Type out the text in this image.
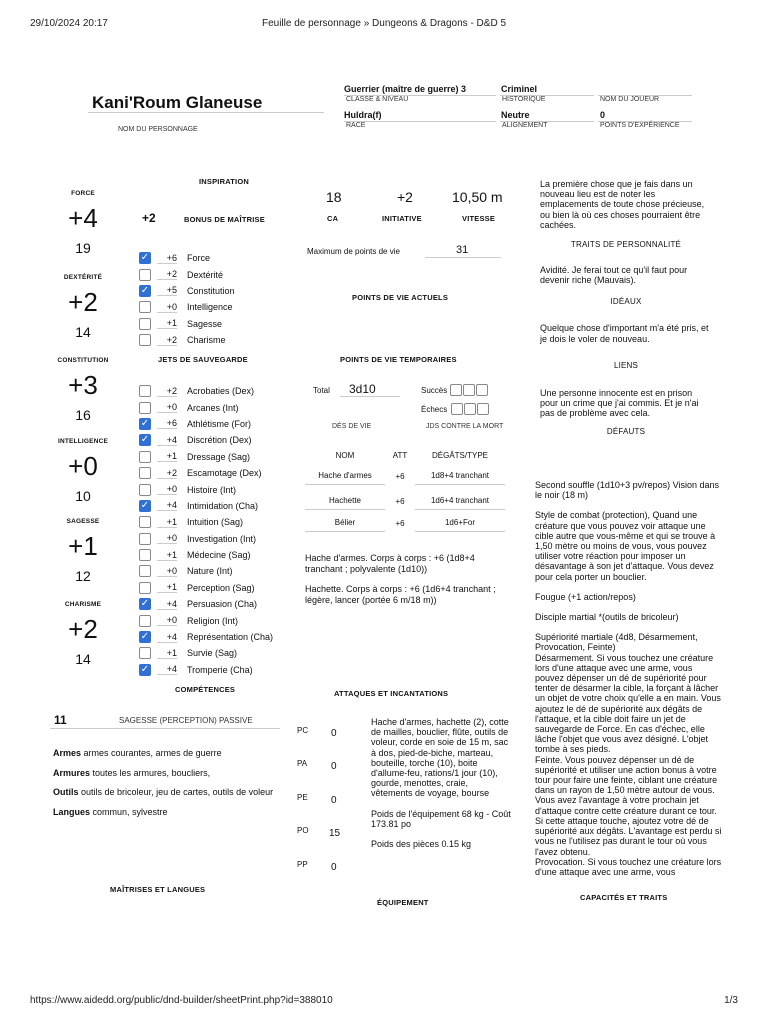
29/10/2024 20:17	Feuille de personnage » Dungeons & Dragons - D&D 5
https://www.aidedd.org/public/dnd-builder/sheetPrint.php?id=388010	1/3
Kani'Roum Glaneuse
NOM DU PERSONNAGE
Guerrier (maître de guerre) 3
CLASSE & NIVEAU
Criminel
HISTORIQUE	NOM DU JOUEUR
Huldra(f)
RACE
Neutre
ALIGNEMENT
0
POINTS D'EXPÉRIENCE
FORCE
+4
19
DEXTÉRITÉ
+2
14
CONSTITUTION
+3
16
INTELLIGENCE
+0
10
SAGESSE
+1
12
CHARISME
+2
14
INSPIRATION
+2	BONUS DE MAÎTRISE
✓	+6 Force
+2 Dextérité
✓	+5 Constitution
+0 Intelligence
+1 Sagesse
+2 Charisme
JETS DE SAUVEGARDE
+2 Acrobaties (Dex)
+0 Arcanes (Int)
✓	+6 Athlétisme (For)
✓	+4 Discrétion (Dex)
+1 Dressage (Sag)
+2 Escamotage (Dex)
+0 Histoire (Int)
✓	+4 Intimidation (Cha)
+1 Intuition (Sag)
+0 Investigation (Int)
+1 Médecine (Sag)
+0 Nature (Int)
+1 Perception (Sag)
✓	+4 Persuasion (Cha)
+0 Religion (Int)
✓	+4 Représentation (Cha)
+1 Survie (Sag)
✓	+4 Tromperie (Cha)
COMPÉTENCES
11	SAGESSE (PERCEPTION) PASSIVE
Armes armes courantes, armes de guerre
Armures toutes les armures, boucliers,
Outils outils de bricoleur, jeu de cartes, outils de voleur
Langues commun, sylvestre
MAÎTRISES ET LANGUES
18
CA
+2
INITIATIVE
10,50 m
VITESSE
Maximum de points de vie	31
POINTS DE VIE ACTUELS
POINTS DE VIE TEMPORAIRES
Total 3d10
DÉS DE VIE
Succès
Échecs
JDS CONTRE LA MORT
NOM	ATT	DÉGÂTS/TYPE
Hache d'armes	+6	1d8+4 tranchant
Hachette	+6	1d6+4 tranchant
Bélier	+6	1d6+For

Hache d'armes. Corps à corps : +6 (1d8+4 tranchant ; polyvalente (1d10))

Hachette. Corps à corps : +6 (1d6+4 tranchant ; légère, lancer (portée 6 m/18 m))

ATTAQUES ET INCANTATIONS
PC	0
PA	0
PE	0
PO	15
PP	0

Hache d'armes, hachette (2), cotte de mailles, bouclier, flûte, outils de voleur, corde en soie de 15 m, sac à dos, pied-de-biche, marteau, bouteille, torche (10), boite d'allume-feu, rations/1 jour (10), gourde, menottes, craie, vêtements de voyage, bourse

Poids de l'équipement 68 kg - Coût 173.81 po

Poids des pièces 0.15 kg

ÉQUIPEMENT

La première chose que je fais dans un nouveau lieu est de noter les emplacements de toute chose précieuse, ou bien là où ces choses pourraient être cachées.

TRAITS DE PERSONNALITÉ

Avidité. Je ferai tout ce qu'il faut pour devenir riche (Mauvais).

IDÉAUX

Quelque chose d'important m'a été pris, et je dois le voler de nouveau.

LIENS

Une personne innocente est en prison pour un crime que j'ai commis. Et je n'ai pas de problème avec cela.

DÉFAUTS

Second souffle (1d10+3 pv/repos) Vision dans le noir (18 m)

Style de combat (protection), Quand une créature que vous pouvez voir attaque une cible autre que vous-même et qui se trouve à 1,50 mètre ou moins de vous, vous pouvez utiliser votre réaction pour imposer un désavantage à son jet d'attaque. Vous devez pour cela porter un bouclier.

Fougue (+1 action/repos)

Disciple martial *(outils de bricoleur)

Supériorité martiale (4d8, Désarmement, Provocation, Feinte)
Désarmement. Si vous touchez une créature lors d'une attaque avec une arme, vous pouvez dépenser un dé de supériorité pour tenter de désarmer la cible, la forçant à lâcher un objet de votre choix qu'elle a en main. Vous ajoutez le dé de supériorité aux dégâts de l'attaque, et la cible doit faire un jet de sauvegarde de Force. En cas d'échec, elle lâche l'objet que vous avez désigné. L'objet tombe à ses pieds.
Feinte. Vous pouvez dépenser un dé de supériorité et utiliser une action bonus à votre tour pour faire une feinte, ciblant une créature dans un rayon de 1,50 mètre autour de vous. Vous avez l'avantage à votre prochain jet d'attaque contre cette créature durant ce tour. Si cette attaque touche, ajoutez votre dé de supériorité aux dégâts. L'avantage est perdu si vous ne l'utilisez pas durant le tour où vous l'avez obtenu.
Provocation. Si vous touchez une créature lors d'une attaque avec une arme, vous

CAPACITÉS ET TRAITS
